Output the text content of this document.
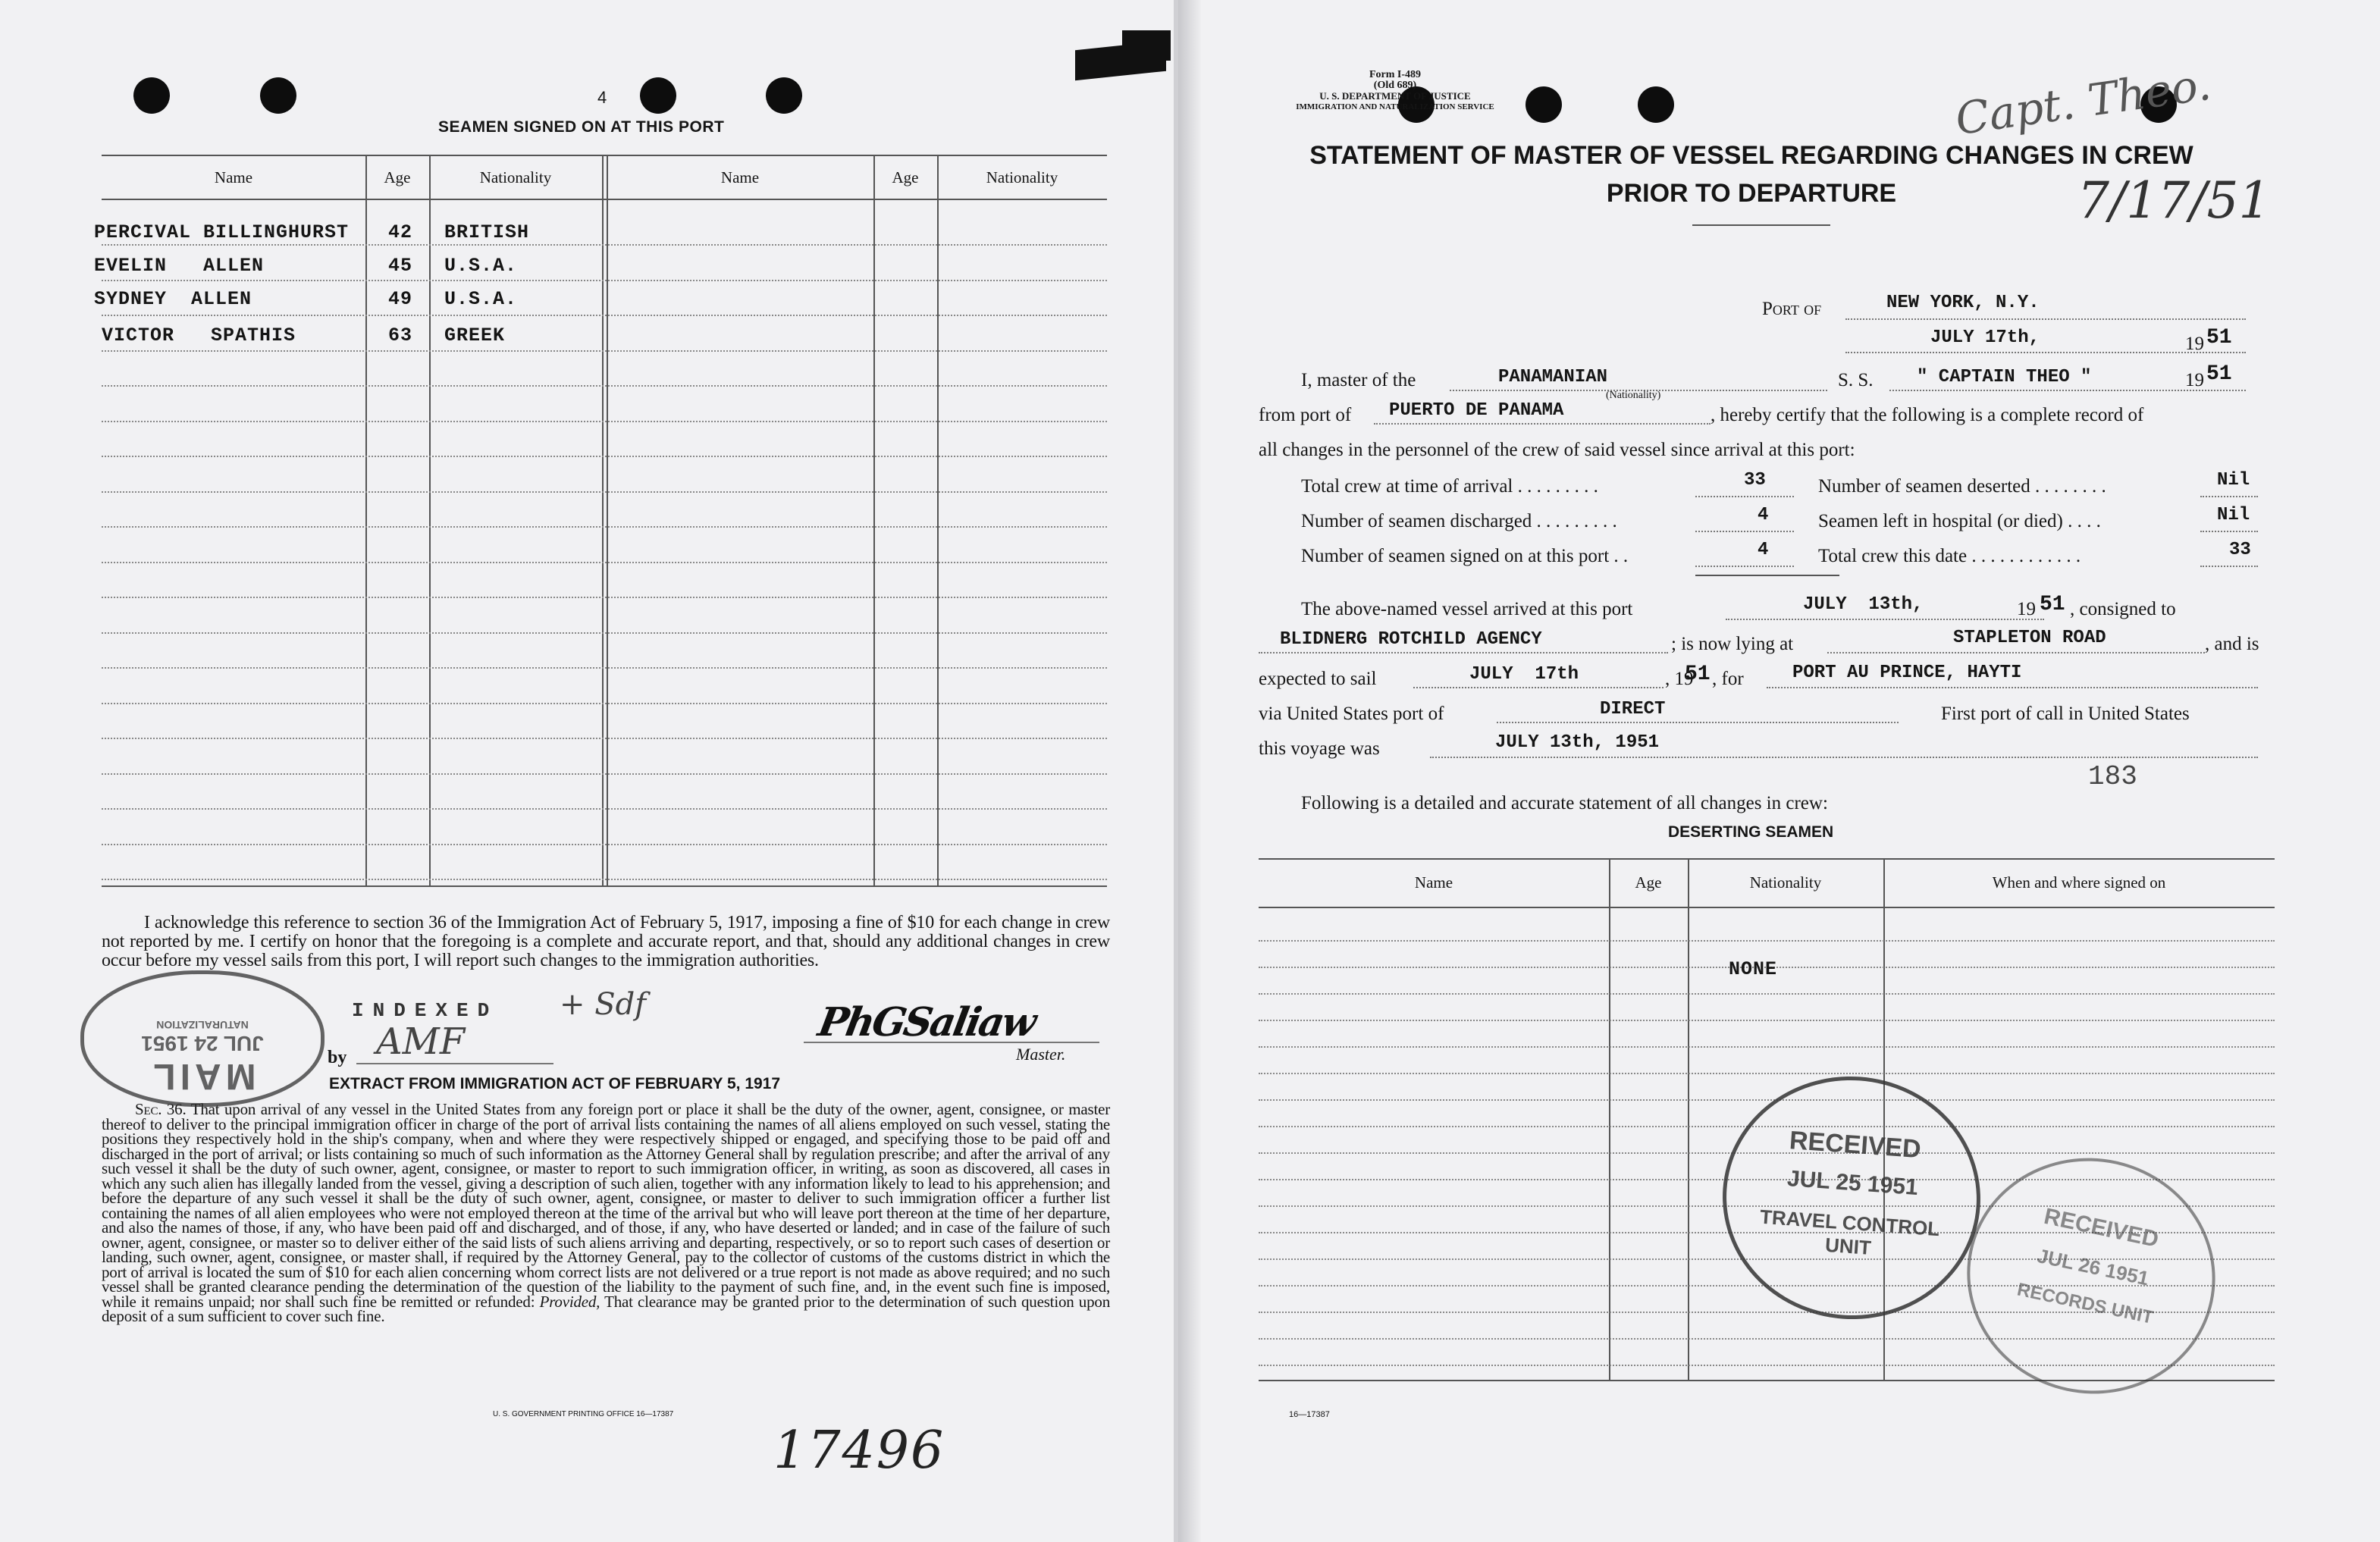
4
SEAMEN SIGNED ON AT THIS PORT
Name	Age	Nationality	Name	Age	Nationality
PERCIVAL BILLINGHURST 42 BRITISH
EVELIN   ALLEN	45 U.S.A.
SYDNEY  ALLEN	49 U.S.A.
VICTOR   SPATHIS	63 GREEK
I acknowledge this reference to section 36 of the Immigration Act of February 5, 1917, imposing a fine of $10 for each change in crew not reported by me. I certify on honor that the foregoing is a complete and accurate report, and that, should any additional changes in crew occur before my vessel sails from this port, I will report such changes to the immigration authorities.
INDEXED
by AMF
+ Sdf	PhGSaliaw
Master.
EXTRACT FROM IMMIGRATION ACT OF FEBRUARY 5, 1917
Sec. 36. That upon arrival of any vessel in the United States from any foreign port or place it shall be the duty of the owner, agent, consignee, or master thereof to deliver to the principal immigration officer in charge of the port of arrival lists containing the names of all aliens employed on such vessel, stating the positions they respectively hold in the ship's company, when and where they were respectively shipped or engaged, and specifying those to be paid off and discharged in the port of arrival; or lists containing so much of such information as the Attorney General shall by regulation prescribe; and after the arrival of any such vessel it shall be the duty of such owner, agent, consignee, or master to report to such immigration officer, in writing, as soon as discovered, all cases in which any such alien has illegally landed from the vessel, giving a description of such alien, together with any information likely to lead to his apprehension; and before the departure of any such vessel it shall be the duty of such owner, agent, consignee, or master to deliver to such immigration officer a further list containing the names of all alien employees who were not employed thereon at the time of the arrival but who will leave port thereon at the time of her departure, and also the names of those, if any, who have been paid off and discharged, and of those, if any, who have deserted or landed; and in case of the failure of such owner, agent, consignee, or master so to deliver either of the said lists of such aliens arriving and departing, respectively, or so to report such cases of desertion or landing, such owner, agent, consignee, or master shall, if required by the Attorney General, pay to the collector of customs of the customs district in which the port of arrival is located the sum of $10 for each alien concerning whom correct lists are not delivered or a true report is not made as above required; and no such vessel shall be granted clearance pending the determination of the question of the liability to the payment of such fine, and, in the event such fine is imposed, while it remains unpaid; nor shall such fine be remitted or refunded: Provided, That clearance may be granted prior to the determination of such question upon deposit of a sum sufficient to cover such fine.
U. S. GOVERNMENT PRINTING OFFICE 16—17387
17496
MAIL
JUL 24 1951
NATURALIZATION
Form I-489
(Old 689)
U. S. DEPARTMENT OF JUSTICE
IMMIGRATION AND NATURALIZATION SERVICE	Capt. Theo.
7/17/51
STATEMENT OF MASTER OF VESSEL REGARDING CHANGES IN CREW
PRIOR TO DEPARTURE
Port of	NEW YORK, N.Y.
JULY 17th,	19 51
I, master of the	PANAMANIAN
(Nationality)
S. S. " CAPTAIN THEO "	19 51
from port of PUERTO DE PANAMA	, hereby certify that the following is a complete record of
all changes in the personnel of the crew of said vessel since arrival at this port:
Total crew at time of arrival . . . . . . . . .	33
Number of seamen discharged . . . . . . . . .	4
Number of seamen signed on at this port . .	4
Number of seamen deserted . . . . . . . .	Nil
Seamen left in hospital (or died) . . . .	Nil
Total crew this date . . . . . . . . . . . .	33
The above-named vessel arrived at this port	JULY  13th,	19 51 , consigned to
BLIDNERG ROTCHILD AGENCY	; is now lying at	STAPLETON ROAD	, and is
expected to sail	JULY  17th	, 19
51 , for	PORT AU PRINCE, HAYTI
via United States port of	DIRECT	First port of call in United States
this voyage was	JULY 13th, 1951
183
Following is a detailed and accurate statement of all changes in crew:
DESERTING SEAMEN
Name	Age	Nationality	When and where signed on
NONE
16—17387
RECEIVED
JUL 25 1951
TRAVEL CONTROL
UNIT	RECEIVED
JUL 26 1951
RECORDS UNIT
